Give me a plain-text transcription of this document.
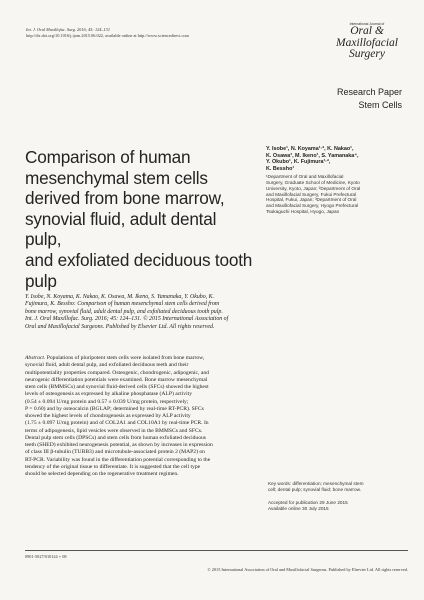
Int. J. Oral Maxillofac. Surg. 2016; 45: 124–131
http://dx.doi.org/10.1016/j.ijom.2015.06.022, available online at http://www.sciencedirect.com
International Journal of
Oral &
Maxillofacial
Surgery
Research Paper
Stem Cells
Comparison of human
mesenchymal stem cells
derived from bone marrow,
synovial fluid, adult dental pulp,
and exfoliated deciduous tooth
pulp
Y. Isobe¹, N. Koyama¹·², K. Nakao¹,
K. Osawa³, M. Ikeno¹, S. Yamanaka⁴,
Y. Okubo¹, K. Fujimura¹·²,
K. Bessho¹
¹Department of Oral and Maxillofacial
Surgery, Graduate School of Medicine, Kyoto
University, Kyoto, Japan; ²Department of Oral
and Maxillofacial Surgery, Fukui Prefectural
Hospital, Fukui, Japan; ³Department of Oral
and Maxillofacial Surgery, Hyogo Prefectural
Tsukaguchi Hospital, Hyogo, Japan
Y. Isobe, N. Koyama, K. Nakao, K. Osawa, M. Ikeno, S. Yamanaka, Y. Okubo, K.
Fujimura, K. Bessho: Comparison of human mesenchymal stem cells derived from
bone marrow, synovial fluid, adult dental pulp, and exfoliated deciduous tooth pulp.
Int. J. Oral Maxillofac. Surg. 2016; 45: 124–131. © 2015 International Association of
Oral and Maxillofacial Surgeons. Published by Elsevier Ltd. All rights reserved.
Abstract. Populations of pluripotent stem cells were isolated from bone marrow,
synovial fluid, adult dental pulp, and exfoliated deciduous teeth and their
multipotentiality properties compared. Osteogenic, chondrogenic, adipogenic, and
neurogenic differentiation potentials were examined. Bone marrow mesenchymal
stem cells (BMMSCs) and synovial fluid-derived cells (SFCs) showed the highest
levels of osteogenesis as expressed by alkaline phosphatase (ALP) activity
(0.54 ± 0.094 U/mg protein and 0.57 ± 0.039 U/mg protein, respectively;
P = 0.60) and by osteocalcin (BGLAP; determined by real-time RT-PCR). SFCs
showed the highest levels of chondrogenesis as expressed by ALP activity
(1.75 ± 0.097 U/mg protein) and of COL2A1 and COL10A1 by real-time PCR. In
terms of adipogenesis, lipid vesicles were observed in the BMMSCs and SFCs.
Dental pulp stem cells (DPSCs) and stem cells from human exfoliated deciduous
teeth (SHED) exhibited neurogenesis potential, as shown by increases in expression
of class III β-tubulin (TUBB3) and microtubule-associated protein 2 (MAP2) on
RT-PCR. Variability was found in the differentiation potential corresponding to the
tendency of the original tissue to differentiate. It is suggested that the cell type
should be selected depending on the regenerative treatment regimen.
Key words: differentiation; mesenchymal stem
cell; dental pulp; synovial fluid; bone marrow.
Accepted for publication 29 June 2015
Available online 30 July 2015
0901-5027/010124 + 08
© 2015 International Association of Oral and Maxillofacial Surgeons. Published by Elsevier Ltd. All rights reserved.
